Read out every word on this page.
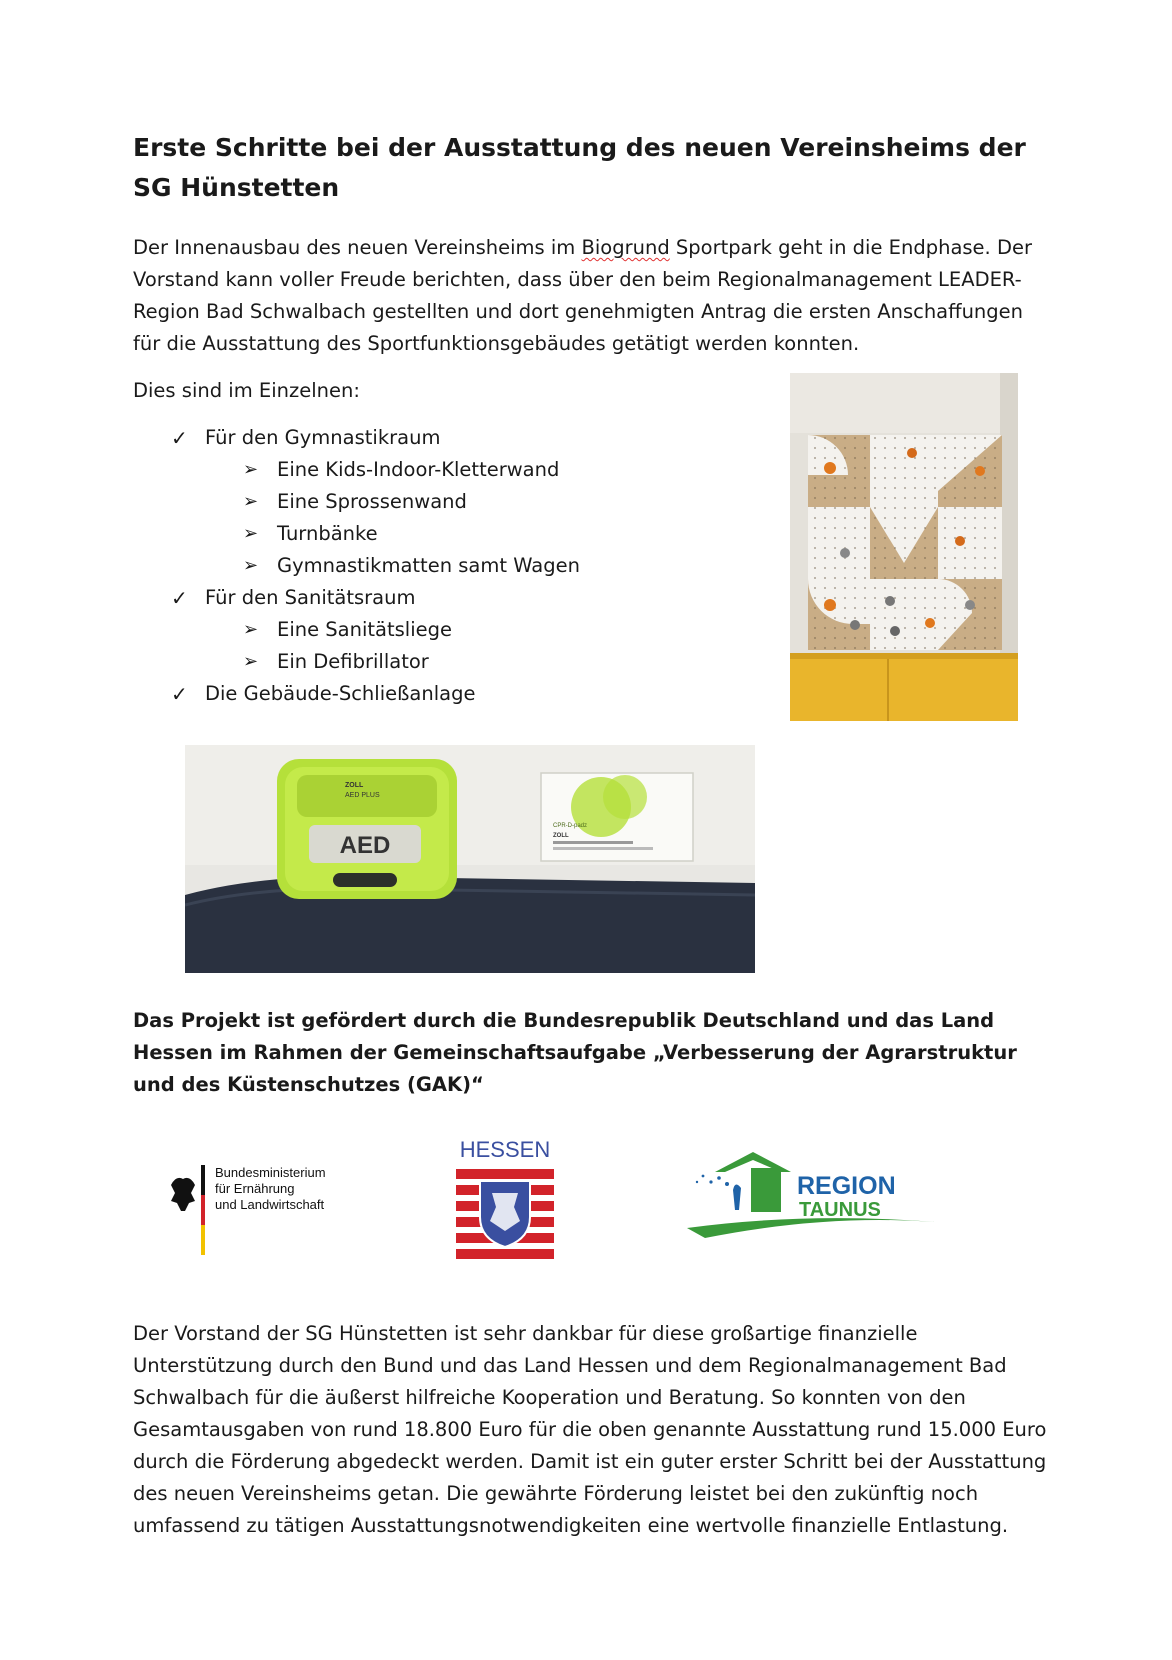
Erste Schritte bei der Ausstattung des neuen Vereinsheims der SG Hünstetten

Der Innenausbau des neuen Vereinsheims im Biogrund Sportpark geht in die Endphase. Der Vorstand kann voller Freude berichten, dass über den beim Regionalmanagement LEADER-Region Bad Schwalbach gestellten und dort genehmigten Antrag die ersten Anschaffungen für die Ausstattung des Sportfunktionsgebäudes getätigt werden konnten.

Dies sind im Einzelnen:

✓ Für den Gymnastikraum
➢ Eine Kids-Indoor-Kletterwand
➢ Eine Sprossenwand
➢ Turnbänke
➢ Gymnastikmatten samt Wagen
✓ Für den Sanitätsraum
➢ Eine Sanitätsliege
➢ Ein Defibrillator
✓ Die Gebäude-Schließanlage
AED
ZOLL
AED PLUS
CPR-D-padz
ZOLL

Das Projekt ist gefördert durch die Bundesrepublik Deutschland und das Land Hessen im Rahmen der Gemeinschaftsaufgabe „Verbesserung der Agrarstruktur und des Küstenschutzes (GAK)“

Bundesministerium
für Ernährung
und Landwirtschaft
HESSEN
REGION
TAUNUS

Der Vorstand der SG Hünstetten ist sehr dankbar für diese großartige finanzielle Unterstützung durch den Bund und das Land Hessen und dem Regionalmanagement Bad Schwalbach für die äußerst hilfreiche Kooperation und Beratung. So konnten von den Gesamtausgaben von rund 18.800 Euro für die oben genannte Ausstattung rund 15.000 Euro durch die Förderung abgedeckt werden. Damit ist ein guter erster Schritt bei der Ausstattung des neuen Vereinsheims getan. Die gewährte Förderung leistet bei den zukünftig noch umfassend zu tätigen Ausstattungsnotwendigkeiten eine wertvolle finanzielle Entlastung.
